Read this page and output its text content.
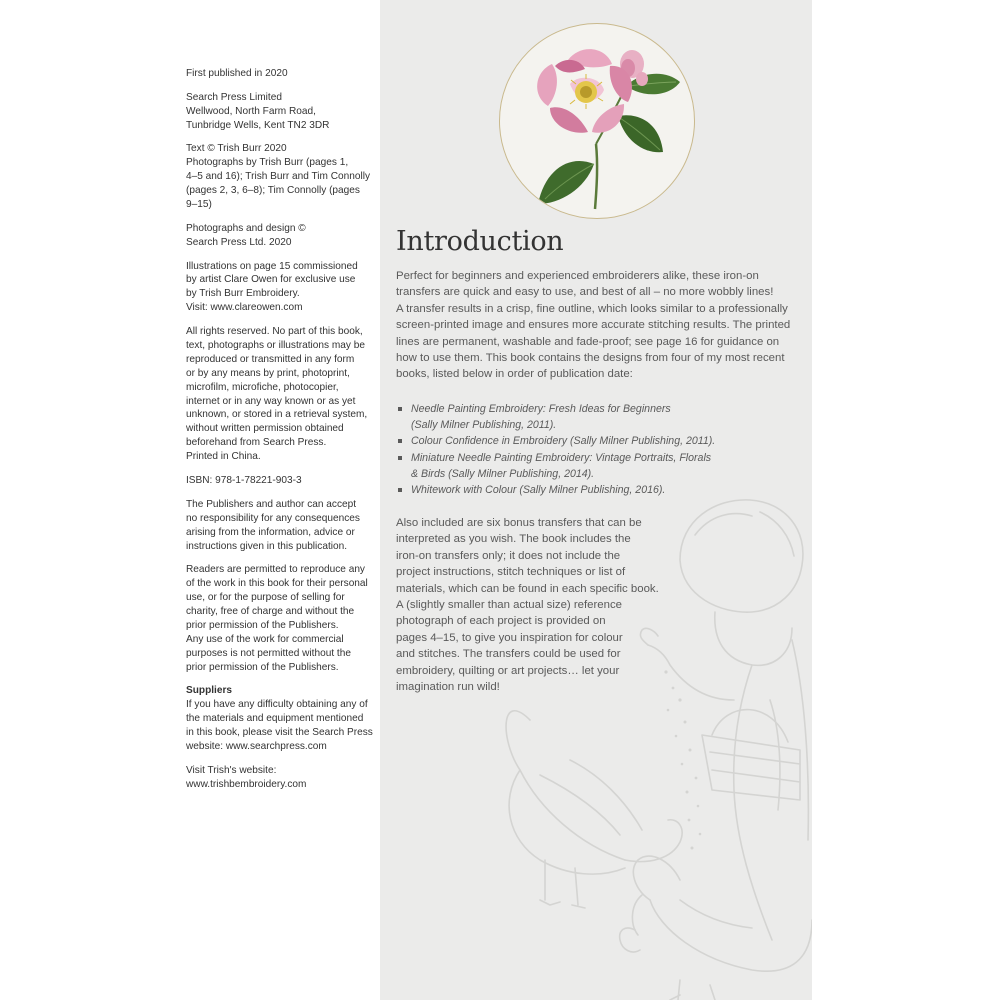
First published in 2020

Search Press Limited
Wellwood, North Farm Road,
Tunbridge Wells, Kent TN2 3DR

Text © Trish Burr 2020
Photographs by Trish Burr (pages 1,
4–5 and 16); Trish Burr and Tim Connolly
(pages 2, 3, 6–8); Tim Connolly (pages
9–15)

Photographs and design ©
Search Press Ltd. 2020

Illustrations on page 15 commissioned
by artist Clare Owen for exclusive use
by Trish Burr Embroidery.
Visit: www.clareowen.com

All rights reserved. No part of this book,
text, photographs or illustrations may be
reproduced or transmitted in any form
or by any means by print, photoprint,
microfilm, microfiche, photocopier,
internet or in any way known or as yet
unknown, or stored in a retrieval system,
without written permission obtained
beforehand from Search Press.
Printed in China.

ISBN: 978-1-78221-903-3

The Publishers and author can accept
no responsibility for any consequences
arising from the information, advice or
instructions given in this publication.

Readers are permitted to reproduce any
of the work in this book for their personal
use, or for the purpose of selling for
charity, free of charge and without the
prior permission of the Publishers.
Any use of the work for commercial
purposes is not permitted without the
prior permission of the Publishers.

Suppliers

If you have any difficulty obtaining any of
the materials and equipment mentioned
in this book, please visit the Search Press
website: www.searchpress.com

Visit Trish's website:
www.trishbembroidery.com

Introduction
Perfect for beginners and experienced embroiderers alike, these iron-on
transfers are quick and easy to use, and best of all – no more wobbly lines!
A transfer results in a crisp, fine outline, which looks similar to a professionally
screen-printed image and ensures more accurate stitching results. The printed
lines are permanent, washable and fade-proof; see page 16 for guidance on
how to use them. This book contains the designs from four of my most recent
books, listed below in order of publication date:
Needle Painting Embroidery: Fresh Ideas for Beginners
(Sally Milner Publishing, 2011).
Colour Confidence in Embroidery (Sally Milner Publishing, 2011).
Miniature Needle Painting Embroidery: Vintage Portraits, Florals
& Birds (Sally Milner Publishing, 2014).
Whitework with Colour (Sally Milner Publishing, 2016).
Also included are six bonus transfers that can be
interpreted as you wish. The book includes the
iron-on transfers only; it does not include the
project instructions, stitch techniques or list of
materials, which can be found in each specific book.
A (slightly smaller than actual size) reference
photograph of each project is provided on
pages 4–15, to give you inspiration for colour
and stitches. The transfers could be used for
embroidery, quilting or art projects… let your
imagination run wild!
